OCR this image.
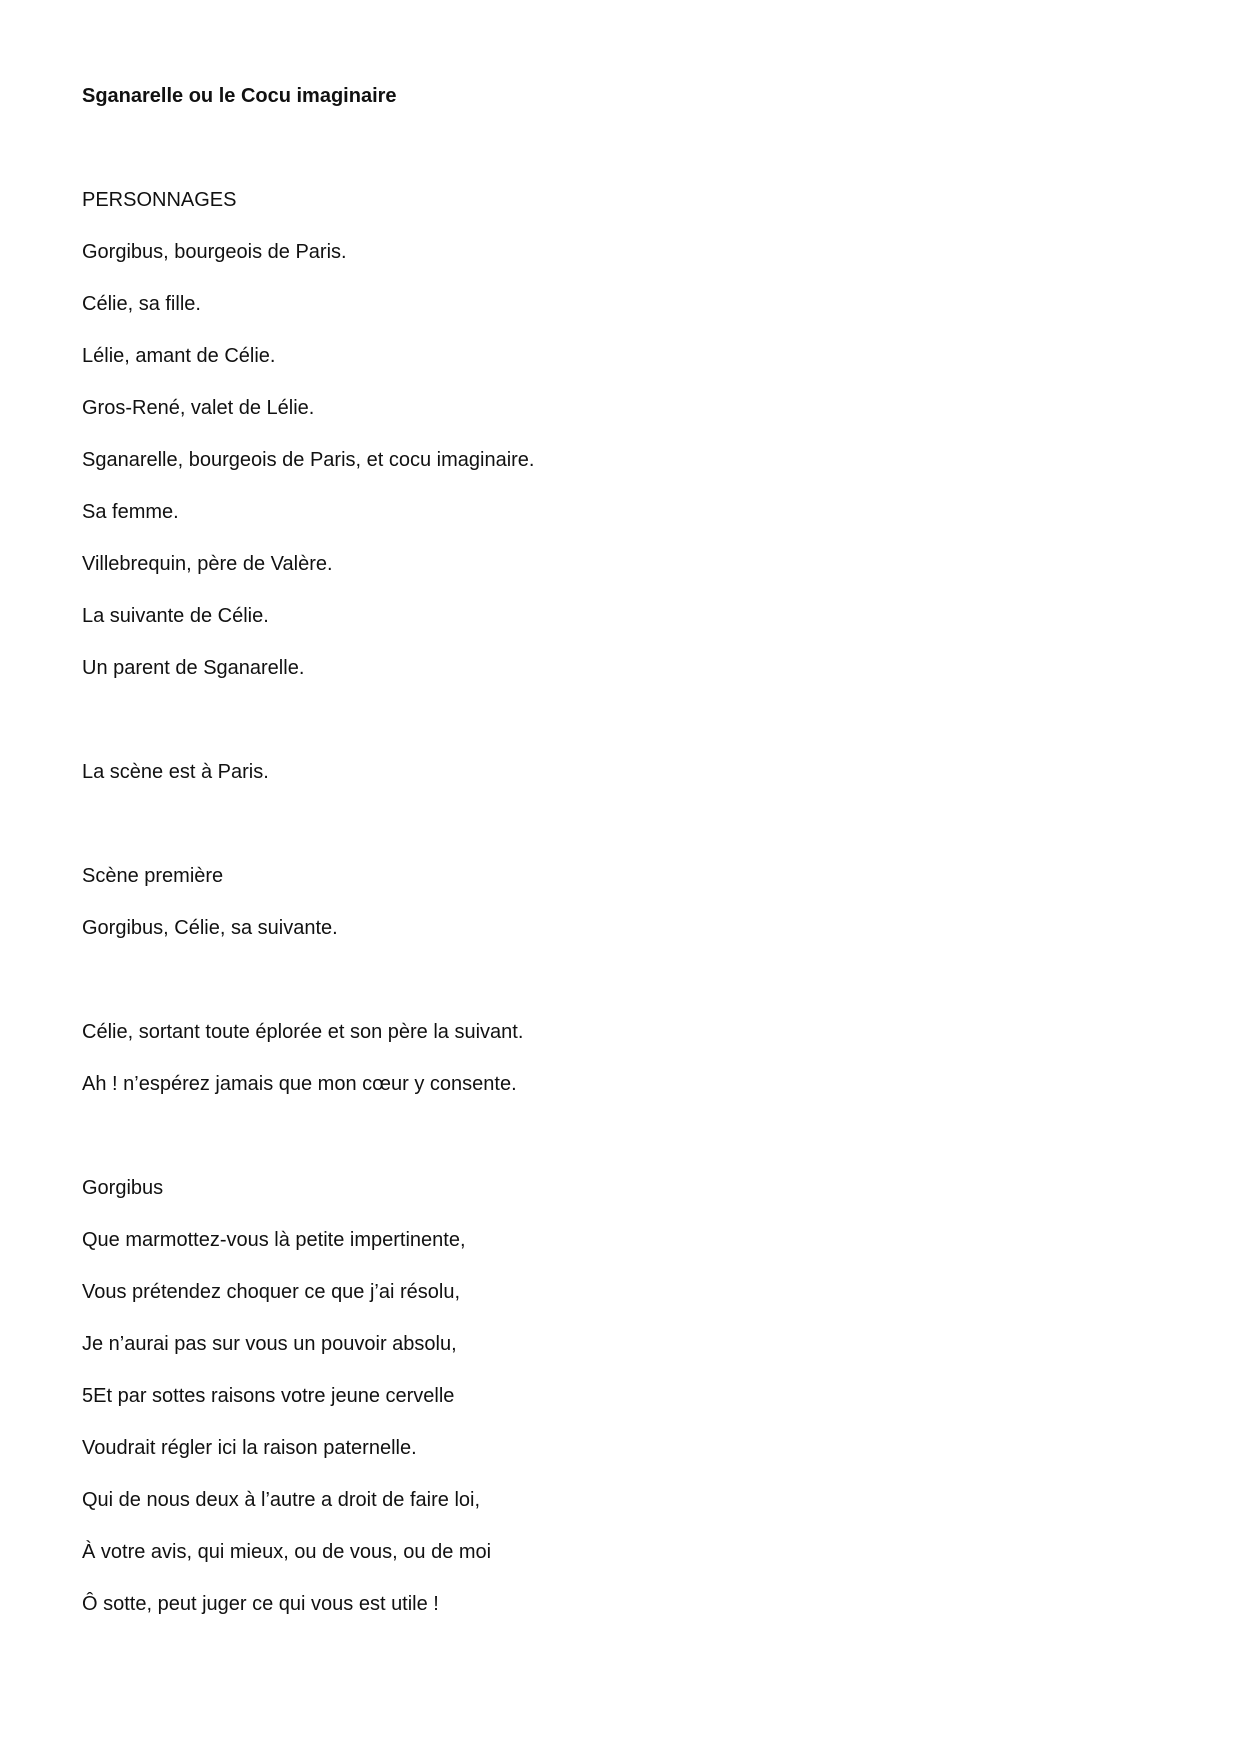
Sganarelle ou le Cocu imaginaire

PERSONNAGES

Gorgibus, bourgeois de Paris.

Célie, sa fille.

Lélie, amant de Célie.

Gros-René, valet de Lélie.

Sganarelle, bourgeois de Paris, et cocu imaginaire.

Sa femme.

Villebrequin, père de Valère.

La suivante de Célie.

Un parent de Sganarelle.

La scène est à Paris.

Scène première

Gorgibus, Célie, sa suivante.

Célie, sortant toute éplorée et son père la suivant.

Ah ! n’espérez jamais que mon cœur y consente.

Gorgibus

Que marmottez-vous là petite impertinente,

Vous prétendez choquer ce que j’ai résolu,

Je n’aurai pas sur vous un pouvoir absolu,

5Et par sottes raisons votre jeune cervelle

Voudrait régler ici la raison paternelle.

Qui de nous deux à l’autre a droit de faire loi,

À votre avis, qui mieux, ou de vous, ou de moi

Ô sotte, peut juger ce qui vous est utile !
